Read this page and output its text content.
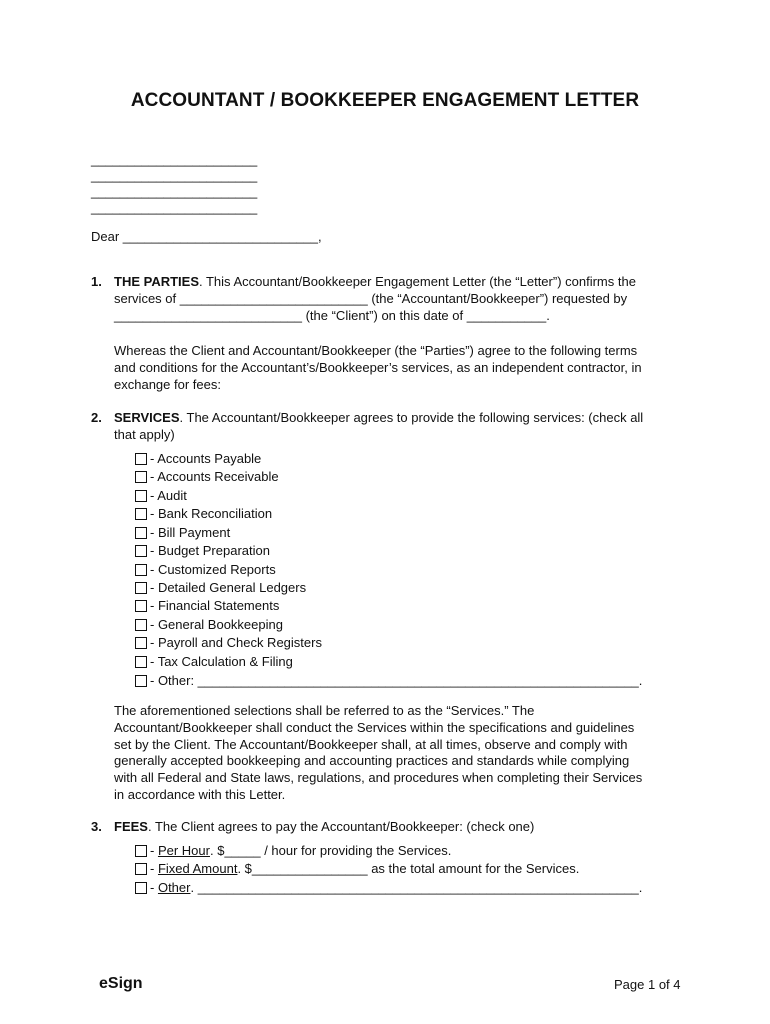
ACCOUNTANT / BOOKKEEPER ENGAGEMENT LETTER
_______________________
_______________________
_______________________
_______________________
Dear ___________________________,
1. THE PARTIES. This Accountant/Bookkeeper Engagement Letter (the “Letter”) confirms the
services of __________________________ (the “Accountant/Bookkeeper”) requested by
__________________________ (the “Client”) on this date of ___________.
Whereas the Client and Accountant/Bookkeeper (the “Parties”) agree to the following terms
and conditions for the Accountant’s/Bookkeeper’s services, as an independent contractor, in
exchange for fees:
2. SERVICES. The Accountant/Bookkeeper agrees to provide the following services: (check all
that apply)
- Accounts Payable
- Accounts Receivable
- Audit
- Bank Reconciliation
- Bill Payment
- Budget Preparation
- Customized Reports
- Detailed General Ledgers
- Financial Statements
- General Bookkeeping
- Payroll and Check Registers
- Tax Calculation & Filing
- Other: _____________________________________________________________.
The aforementioned selections shall be referred to as the “Services.” The
Accountant/Bookkeeper shall conduct the Services within the specifications and guidelines
set by the Client. The Accountant/Bookkeeper shall, at all times, observe and comply with
generally accepted bookkeeping and accounting practices and standards while complying
with all Federal and State laws, regulations, and procedures when completing their Services
in accordance with this Letter.
3. FEES. The Client agrees to pay the Accountant/Bookkeeper: (check one)
- Per Hour . $_____ / hour for providing the Services.
- Fixed Amount . $________________ as the total amount for the Services.
- Other . _____________________________________________________________.
eSign	Page 1 of 4
